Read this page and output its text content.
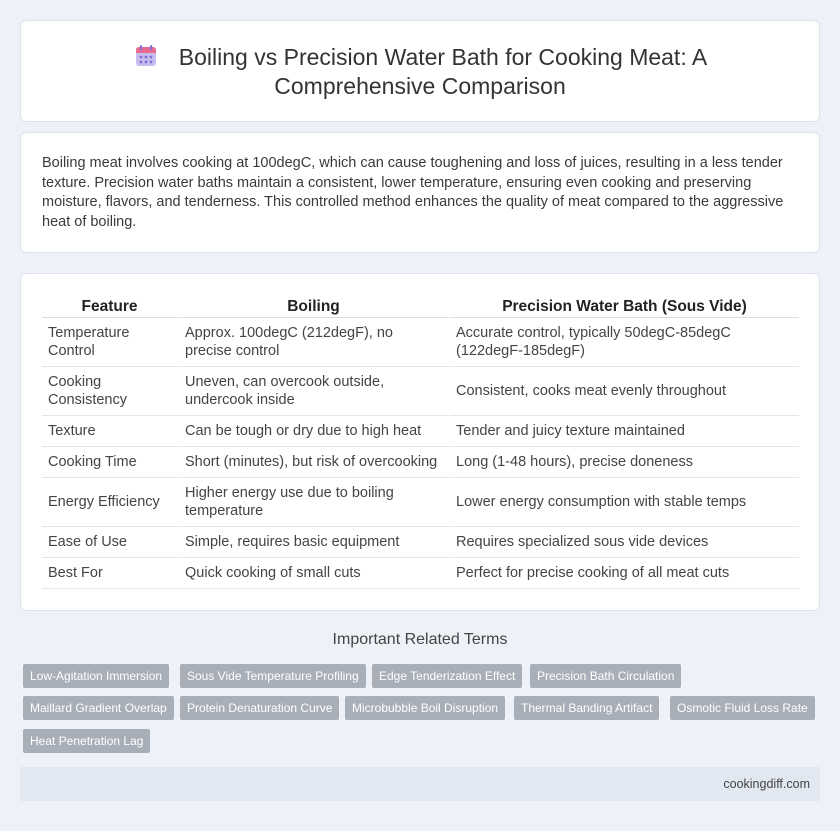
Boiling vs Precision Water Bath for Cooking Meat: A
Comprehensive Comparison

Boiling meat involves cooking at 100degC, which can cause toughening and loss of juices, resulting in a less tender texture. Precision water baths maintain a consistent, lower temperature, ensuring even cooking and preserving moisture, flavors, and tenderness. This controlled method enhances the quality of meat compared to the aggressive heat of boiling.

Feature	Boiling	Precision Water Bath (Sous Vide)
Temperature Control	Approx. 100degC (212degF), no precise control	Accurate control, typically 50degC-85degC (122degF-185degF)
Cooking Consistency	Uneven, can overcook outside, undercook inside	Consistent, cooks meat evenly throughout
Texture	Can be tough or dry due to high heat	Tender and juicy texture maintained
Cooking Time	Short (minutes), but risk of overcooking	Long (1-48 hours), precise doneness
Energy Efficiency	Higher energy use due to boiling temperature	Lower energy consumption with stable temps
Ease of Use	Simple, requires basic equipment	Requires specialized sous vide devices
Best For	Quick cooking of small cuts	Perfect for precise cooking of all meat cuts
Important Related Terms
Low-Agitation Immersion	Sous Vide Temperature Profiling	Edge Tenderization Effect	Precision Bath Circulation
Maillard Gradient Overlap	Protein Denaturation Curve	Microbubble Boil Disruption	Thermal Banding Artifact	Osmotic Fluid Loss Rate
Heat Penetration Lag
cookingdiff.com
